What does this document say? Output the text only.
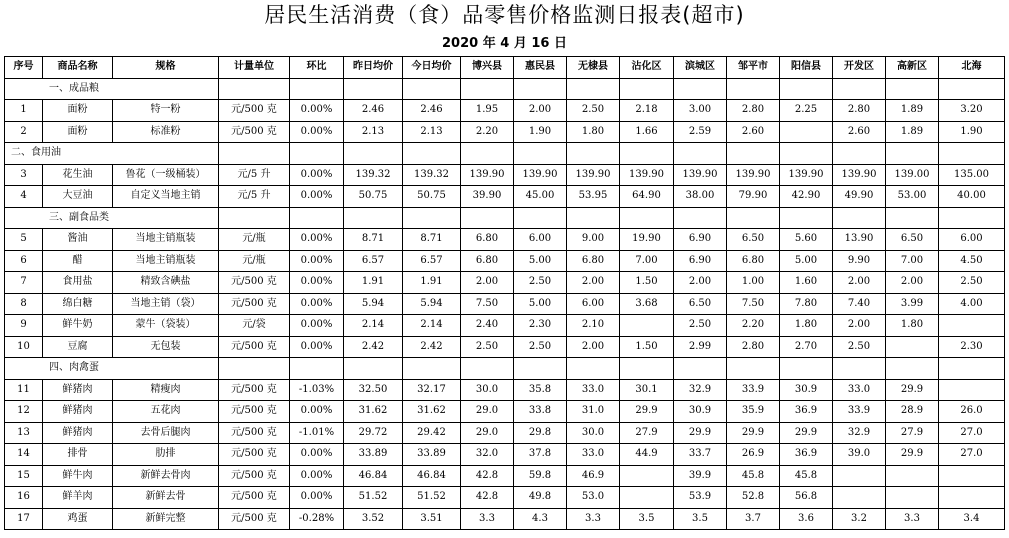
居民生活消费（食）品零售价格监测日报表(超市)
2020 年 4 月 16 日
序号	商品名称	规格	计量单位	环比	昨日均价	今日均价	博兴县	惠民县	无棣县	沾化区	滨城区	邹平市	阳信县	开发区	高新区	北海
一、成品粮																
1	面粉	特一粉	元/500 克	0.00%	2.46	2.46	1.95	2.00	2.50	2.18	3.00	2.80	2.25	2.80	1.89	3.20
2	面粉	标准粉	元/500 克	0.00%	2.13	2.13	2.20	1.90	1.80	1.66	2.59	2.60		2.60	1.89	1.90
二、食用油																
3	花生油	鲁花（一级桶装）	元/5 升	0.00%	139.32	139.32	139.90	139.90	139.90	139.90	139.90	139.90	139.90	139.90	139.00	135.00
4	大豆油	自定义当地主销	元/5 升	0.00%	50.75	50.75	39.90	45.00	53.95	64.90	38.00	79.90	42.90	49.90	53.00	40.00
三、副食品类																
5	酱油	当地主销瓶装	元/瓶	0.00%	8.71	8.71	6.80	6.00	9.00	19.90	6.90	6.50	5.60	13.90	6.50	6.00
6	醋	当地主销瓶装	元/瓶	0.00%	6.57	6.57	6.80	5.00	6.80	7.00	6.90	6.80	5.00	9.90	7.00	4.50
7	食用盐	精致含碘盐	元/500 克	0.00%	1.91	1.91	2.00	2.50	2.00	1.50	2.00	1.00	1.60	2.00	2.00	2.50
8	绵白糖	当地主销（袋）	元/500 克	0.00%	5.94	5.94	7.50	5.00	6.00	3.68	6.50	7.50	7.80	7.40	3.99	4.00
9	鲜牛奶	蒙牛（袋装）	元/袋	0.00%	2.14	2.14	2.40	2.30	2.10		2.50	2.20	1.80	2.00	1.80	
10	豆腐	无包装	元/500 克	0.00%	2.42	2.42	2.50	2.50	2.00	1.50	2.99	2.80	2.70	2.50		2.30
四、肉禽蛋																
11	鲜猪肉	精瘦肉	元/500 克	-1.03%	32.50	32.17	30.0	35.8	33.0	30.1	32.9	33.9	30.9	33.0	29.9	
12	鲜猪肉	五花肉	元/500 克	0.00%	31.62	31.62	29.0	33.8	31.0	29.9	30.9	35.9	36.9	33.9	28.9	26.0
13	鲜猪肉	去骨后腿肉	元/500 克	-1.01%	29.72	29.42	29.0	29.8	30.0	27.9	29.9	29.9	29.9	32.9	27.9	27.0
14	排骨	肋排	元/500 克	0.00%	33.89	33.89	32.0	37.8	33.0	44.9	33.7	26.9	36.9	39.0	29.9	27.0
15	鲜牛肉	新鲜去骨肉	元/500 克	0.00%	46.84	46.84	42.8	59.8	46.9		39.9	45.8	45.8			
16	鲜羊肉	新鲜去骨	元/500 克	0.00%	51.52	51.52	42.8	49.8	53.0		53.9	52.8	56.8			
17	鸡蛋	新鲜完整	元/500 克	-0.28%	3.52	3.51	3.3	4.3	3.3	3.5	3.5	3.7	3.6	3.2	3.3	3.4
